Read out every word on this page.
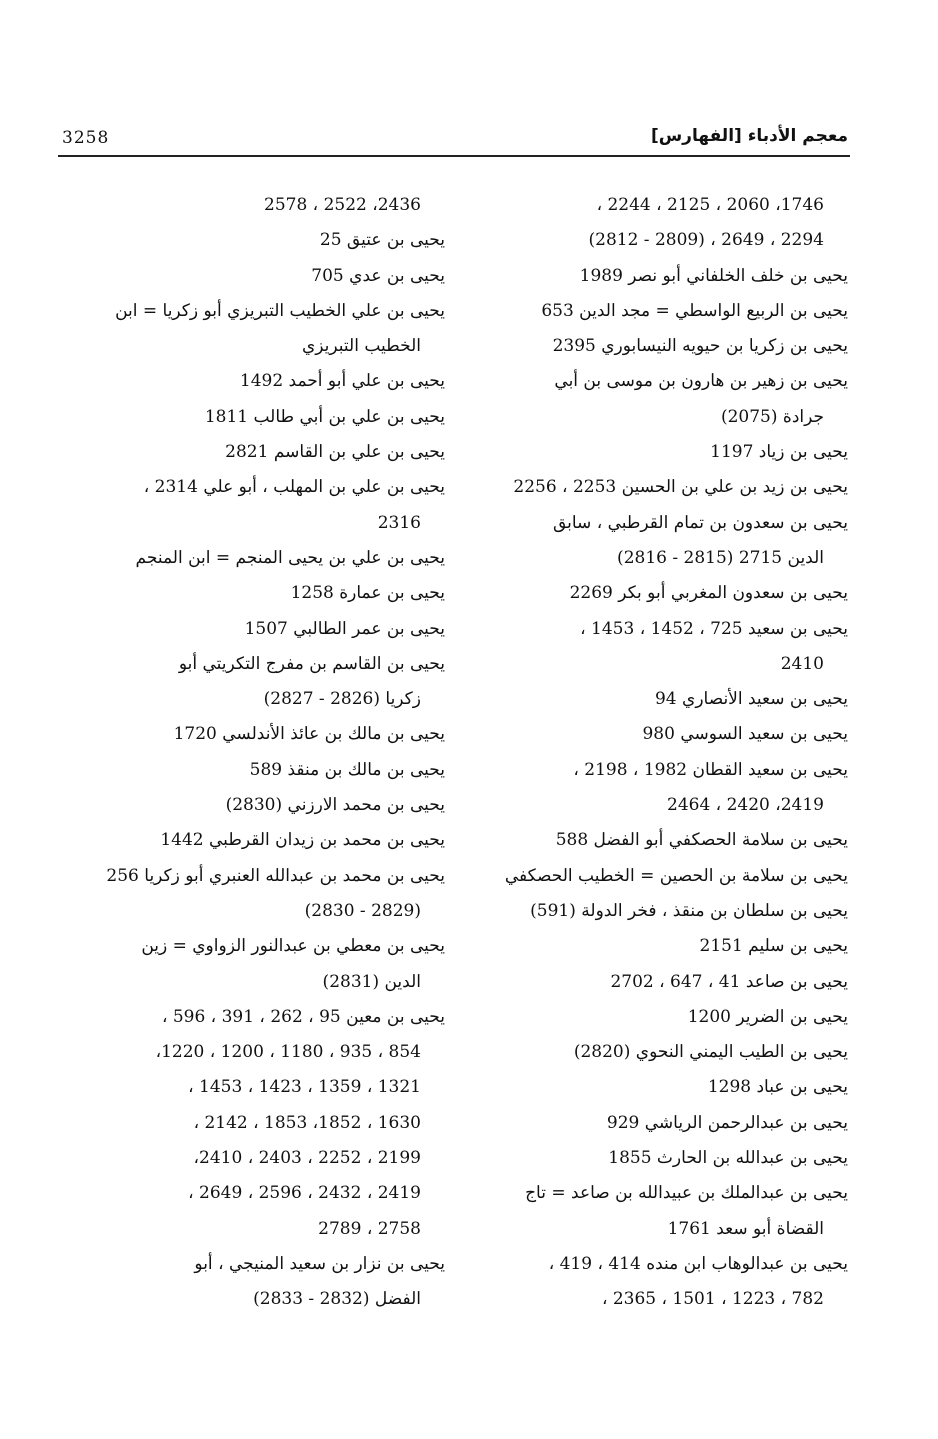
3258	معجم الأدباء [الفهارس]

1746، 2060 ، 2125 ، 2244 ،

2294 ، 2649 ، (2809 - 2812)

يحيى بن خلف الخلفاني أبو نصر 1989

يحيى بن الربيع الواسطي = مجد الدين 653

يحيى بن زكريا بن حيويه النيسابوري 2395

يحيى بن زهير بن هارون بن موسى بن أبي

جرادة (2075)

يحيى بن زياد 1197

يحيى بن زيد بن علي بن الحسين 2253 ، 2256

يحيى بن سعدون بن تمام القرطبي ، سابق

الدين 2715 (2815 - 2816)

يحيى بن سعدون المغربي أبو بكر 2269

يحيى بن سعيد 725 ، 1452 ، 1453 ،

2410

يحيى بن سعيد الأنصاري 94

يحيى بن سعيد السوسي 980

يحيى بن سعيد القطان 1982 ، 2198 ،

2419، 2420 ، 2464

يحيى بن سلامة الحصكفي أبو الفضل 588

يحيى بن سلامة بن الحصين = الخطيب الحصكفي

يحيى بن سلطان بن منقذ ، فخر الدولة (591)

يحيى بن سليم 2151

يحيى بن صاعد 41 ، 647 ، 2702

يحيى بن الضرير 1200

يحيى بن الطيب اليمني النحوي (2820)

يحيى بن عباد 1298

يحيى بن عبدالرحمن الرياشي 929

يحيى بن عبدالله بن الحارث 1855

يحيى بن عبدالملك بن عبيدالله بن صاعد = تاج

القضاة أبو سعد 1761

يحيى بن عبدالوهاب ابن منده 414 ، 419 ،

782 ، 1223 ، 1501 ، 2365 ،

2436، 2522 ، 2578

يحيى بن عتيق 25

يحيى بن عدي 705

يحيى بن علي الخطيب التبريزي أبو زكريا = ابن

الخطيب التبريزي

يحيى بن علي أبو أحمد 1492

يحيى بن علي بن أبي طالب 1811

يحيى بن علي بن القاسم 2821

يحيى بن علي بن المهلب ، أبو علي 2314 ،

2316

يحيى بن علي بن يحيى المنجم = ابن المنجم

يحيى بن عمارة 1258

يحيى بن عمر الطالبي 1507

يحيى بن القاسم بن مفرج التكريتي أبو

زكريا (2826 - 2827)

يحيى بن مالك بن عائذ الأندلسي 1720

يحيى بن مالك بن منقذ 589

يحيى بن محمد الارزني (2830)

يحيى بن محمد بن زيدان القرطبي 1442

يحيى بن محمد بن عبدالله العنبري أبو زكريا 256

(2829 - 2830)

يحيى بن معطي بن عبدالنور الزواوي = زين

الدين (2831)

يحيى بن معين 95 ، 262 ، 391 ، 596 ،

854 ، 935 ، 1180 ، 1200 ، 1220،

1321 ، 1359 ، 1423 ، 1453 ،

1630 ، 1852، 1853 ، 2142 ،

2199 ، 2252 ، 2403 ، 2410،

2419 ، 2432 ، 2596 ، 2649 ،

2758 ، 2789

يحيى بن نزار بن سعيد المنيجي ، أبو

الفضل (2832 - 2833)
